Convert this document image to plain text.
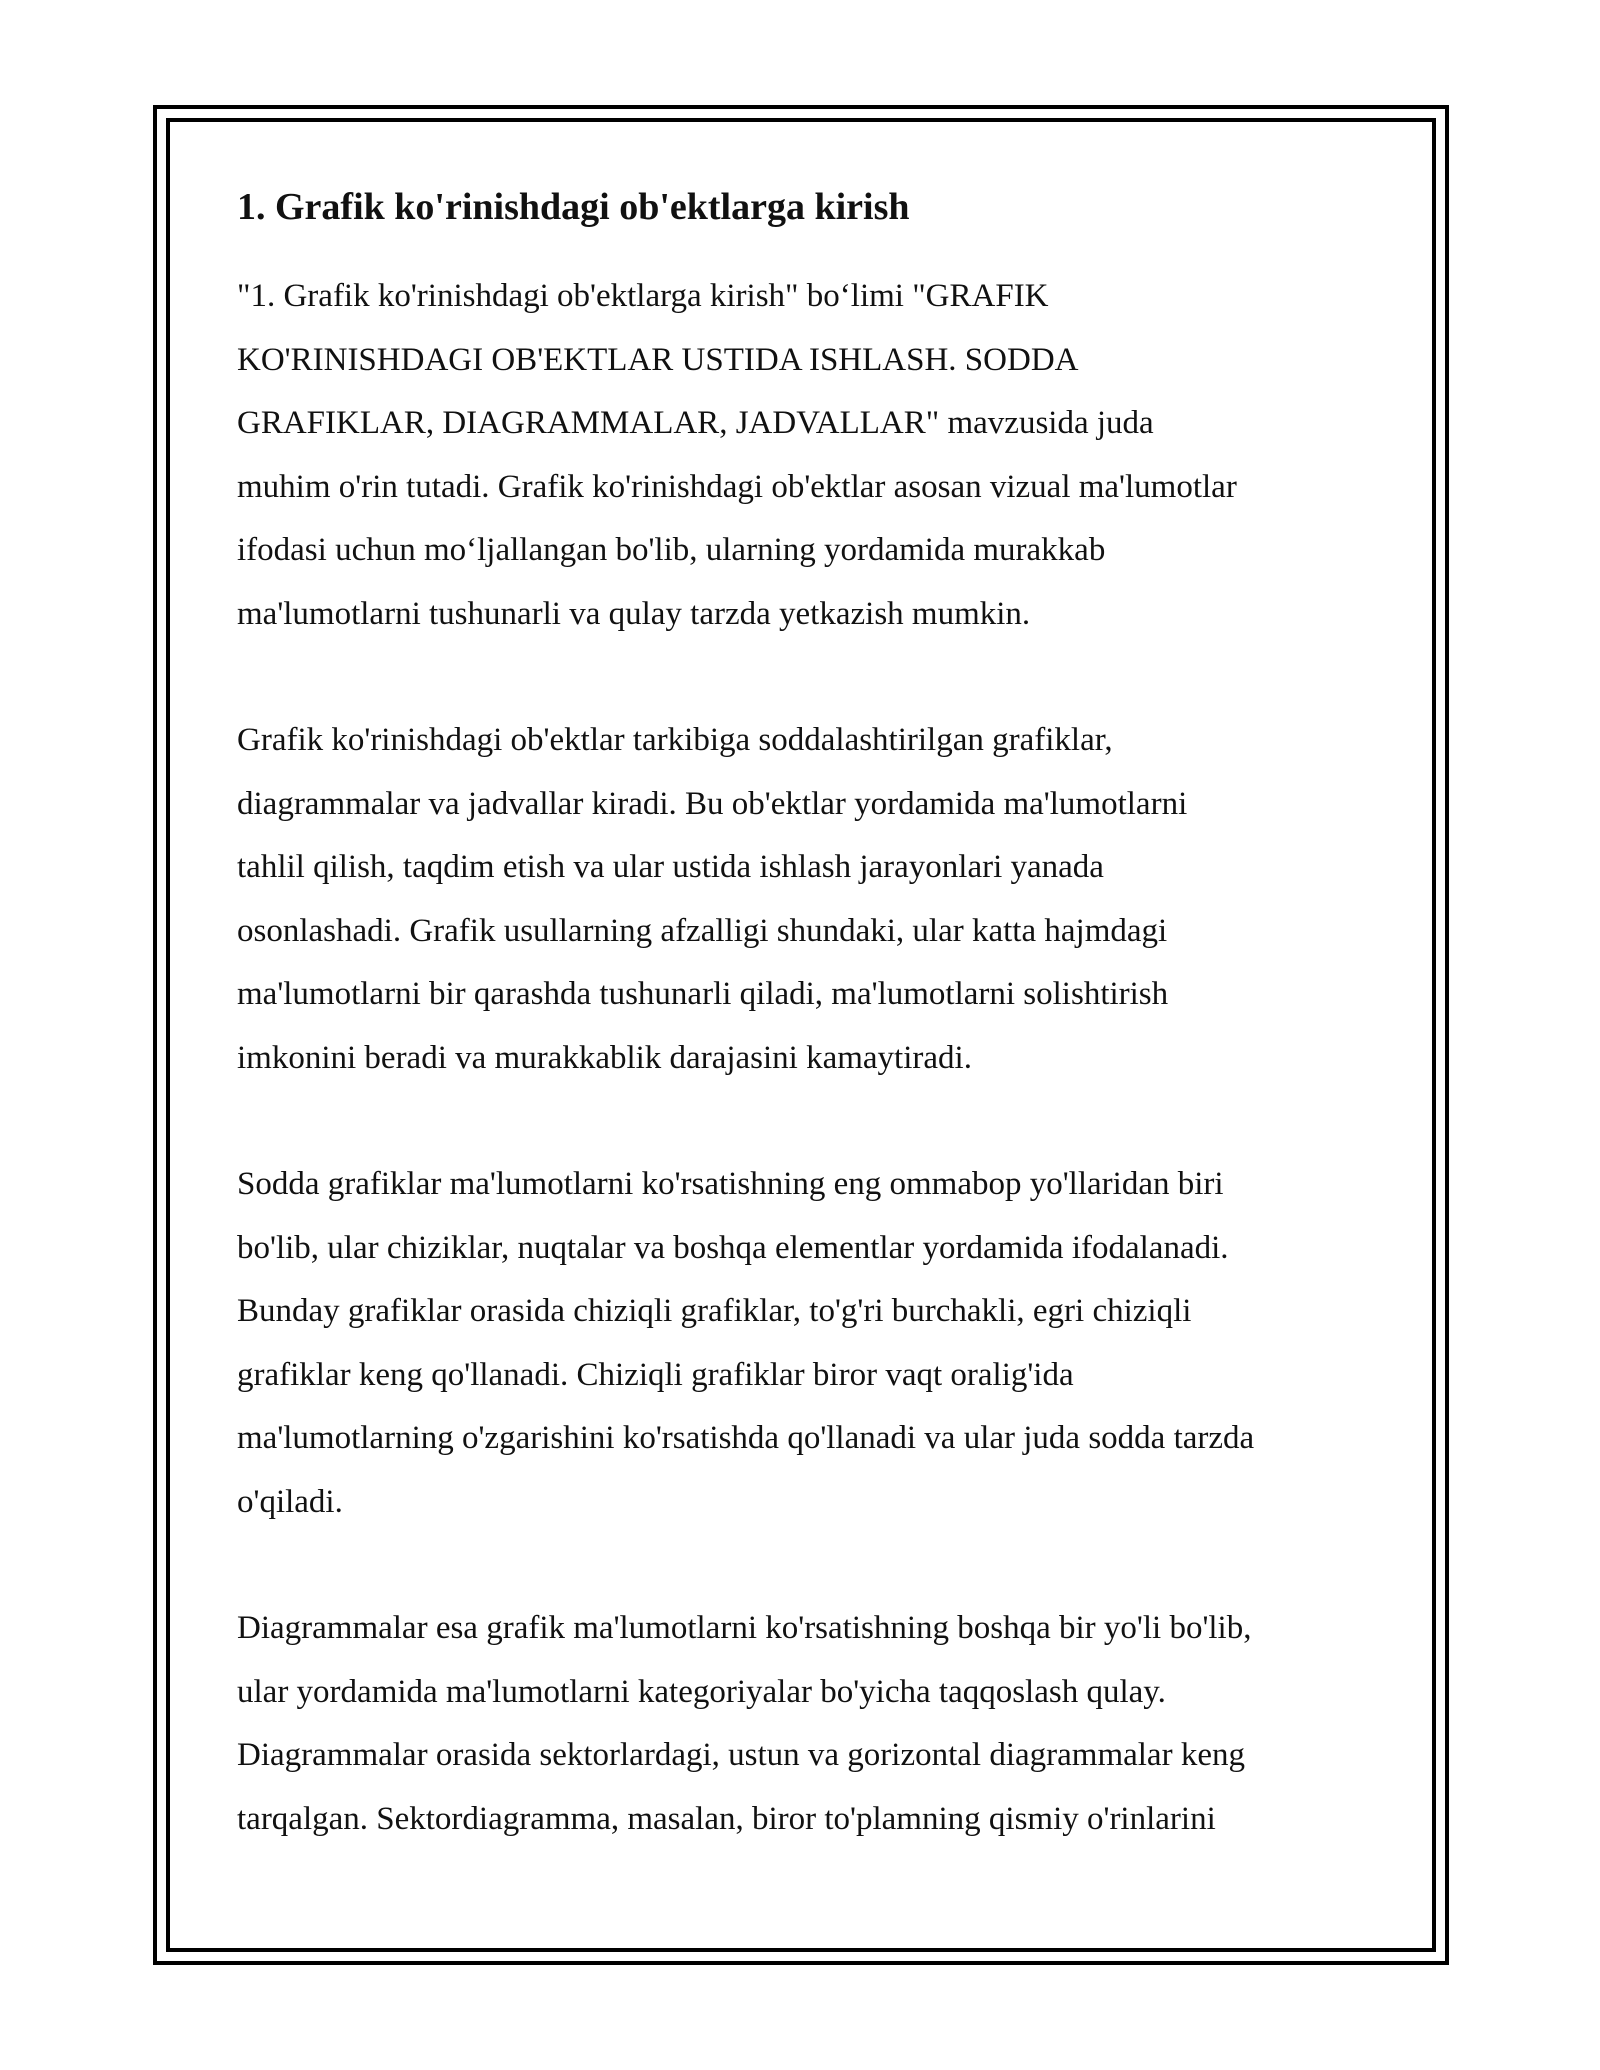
1. Grafik ko'rinishdagi ob'ektlarga kirish

"1. Grafik ko'rinishdagi ob'ektlarga kirish" bo‘limi "GRAFIK
KO'RINISHDAGI OB'EKTLAR USTIDA ISHLASH. SODDA
GRAFIKLAR, DIAGRAMMALAR, JADVALLAR" mavzusida juda
muhim o'rin tutadi. Grafik ko'rinishdagi ob'ektlar asosan vizual ma'lumotlar
ifodasi uchun mo‘ljallangan bo'lib, ularning yordamida murakkab
ma'lumotlarni tushunarli va qulay tarzda yetkazish mumkin.

Grafik ko'rinishdagi ob'ektlar tarkibiga soddalashtirilgan grafiklar,
diagrammalar va jadvallar kiradi. Bu ob'ektlar yordamida ma'lumotlarni
tahlil qilish, taqdim etish va ular ustida ishlash jarayonlari yanada
osonlashadi. Grafik usullarning afzalligi shundaki, ular katta hajmdagi
ma'lumotlarni bir qarashda tushunarli qiladi, ma'lumotlarni solishtirish
imkonini beradi va murakkablik darajasini kamaytiradi.

Sodda grafiklar ma'lumotlarni ko'rsatishning eng ommabop yo'llaridan biri
bo'lib, ular chiziklar, nuqtalar va boshqa elementlar yordamida ifodalanadi.
Bunday grafiklar orasida chiziqli grafiklar, to'g'ri burchakli, egri chiziqli
grafiklar keng qo'llanadi. Chiziqli grafiklar biror vaqt oralig'ida
ma'lumotlarning o'zgarishini ko'rsatishda qo'llanadi va ular juda sodda tarzda
o'qiladi.

Diagrammalar esa grafik ma'lumotlarni ko'rsatishning boshqa bir yo'li bo'lib,
ular yordamida ma'lumotlarni kategoriyalar bo'yicha taqqoslash qulay.
Diagrammalar orasida sektorlardagi, ustun va gorizontal diagrammalar keng
tarqalgan. Sektordiagramma, masalan, biror to'plamning qismiy o'rinlarini
